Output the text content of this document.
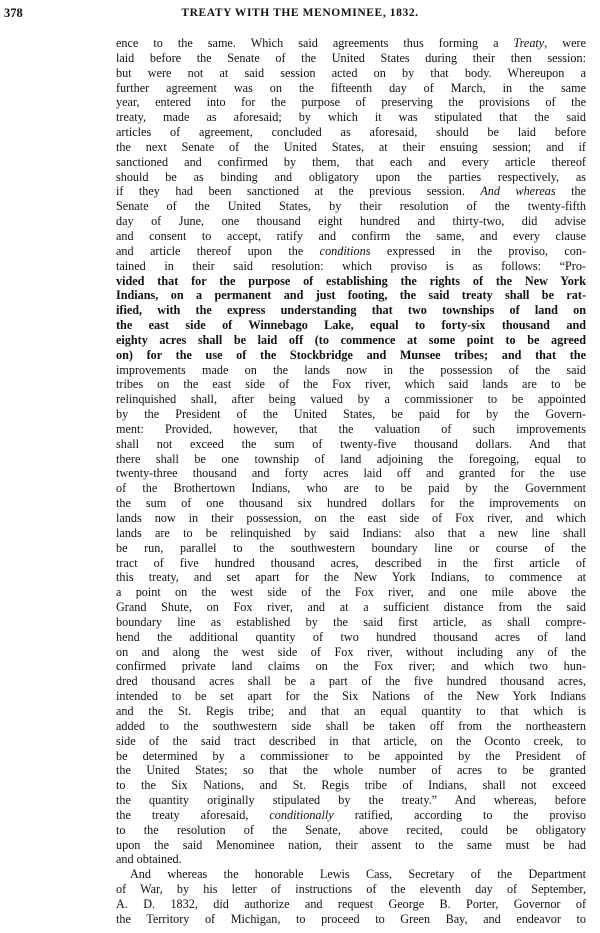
378	TREATY WITH THE MENOMINEE, 1832.
ence to the same. Which said agreements thus forming a Treaty, were
laid before the Senate of the United States during their then session:
but were not at said session acted on by that body. Whereupon a
further agreement was on the fifteenth day of March, in the same
year, entered into for the purpose of preserving the provisions of the
treaty, made as aforesaid; by which it was stipulated that the said
articles of agreement, concluded as aforesaid, should be laid before
the next Senate of the United States, at their ensuing session; and if
sanctioned and confirmed by them, that each and every article thereof
should be as binding and obligatory upon the parties respectively, as
if they had been sanctioned at the previous session. And whereas the
Senate of the United States, by their resolution of the twenty-fifth
day of June, one thousand eight hundred and thirty-two, did advise
and consent to accept, ratify and confirm the same, and every clause
and article thereof upon the conditions expressed in the proviso, con-
tained in their said resolution: which proviso is as follows: “Pro-
vided that for the purpose of establishing the rights of the New York
Indians, on a permanent and just footing, the said treaty shall be rat-
ified, with the express understanding that two townships of land on
the east side of Winnebago Lake, equal to forty-six thousand and
eighty acres shall be laid off (to commence at some point to be agreed
on) for the use of the Stockbridge and Munsee tribes; and that the
improvements made on the lands now in the possession of the said
tribes on the east side of the Fox river, which said lands are to be
relinquished shall, after being valued by a commissioner to be appointed
by the President of the United States, be paid for by the Govern-
ment: Provided, however, that the valuation of such improvements
shall not exceed the sum of twenty-five thousand dollars. And that
there shall be one township of land adjoining the foregoing, equal to
twenty-three thousand and forty acres laid off and granted for the use
of the Brothertown Indians, who are to be paid by the Government
the sum of one thousand six hundred dollars for the improvements on
lands now in their possession, on the east side of Fox river, and which
lands are to be relinquished by said Indians: also that a new line shall
be run, parallel to the southwestern boundary line or course of the
tract of five hundred thousand acres, described in the first article of
this treaty, and set apart for the New York Indians, to commence at
a point on the west side of the Fox river, and one mile above the
Grand Shute, on Fox river, and at a sufficient distance from the said
boundary line as established by the said first article, as shall compre-
hend the additional quantity of two hundred thousand acres of land
on and along the west side of Fox river, without including any of the
confirmed private land claims on the Fox river; and which two hun-
dred thousand acres shall be a part of the five hundred thousand acres,
intended to be set apart for the Six Nations of the New York Indians
and the St. Regis tribe; and that an equal quantity to that which is
added to the southwestern side shall be taken off from the northeastern
side of the said tract described in that article, on the Oconto creek, to
be determined by a commissioner to be appointed by the President of
the United States; so that the whole number of acres to be granted
to the Six Nations, and St. Regis tribe of Indians, shall not exceed
the quantity originally stipulated by the treaty.” And whereas, before
the treaty aforesaid, conditionally ratified, according to the proviso
to the resolution of the Senate, above recited, could be obligatory
upon the said Menominee nation, their assent to the same must be had
and obtained.
And whereas the honorable Lewis Cass, Secretary of the Department
of War, by his letter of instructions of the eleventh day of September,
A. D. 1832, did authorize and request George B. Porter, Governor of
the Territory of Michigan, to proceed to Green Bay, and endeavor to
